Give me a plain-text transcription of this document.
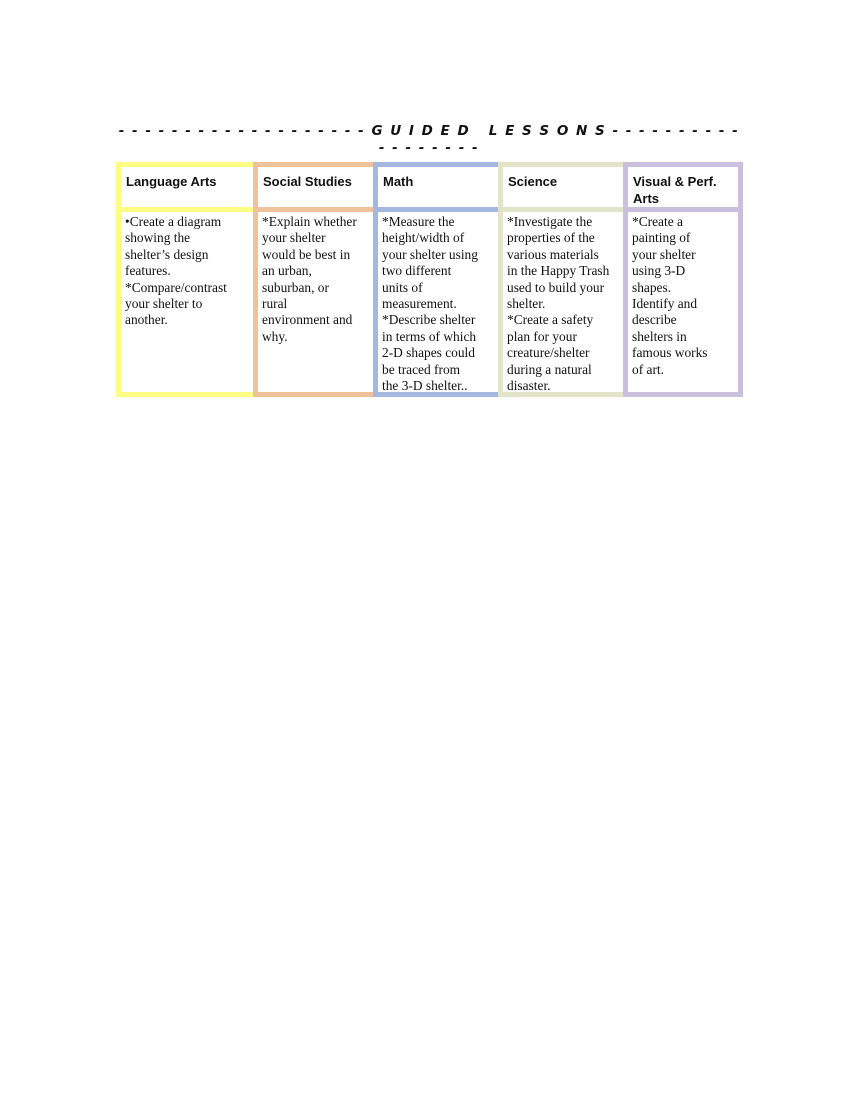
- - - - - - - - - - - - - - - - - - - G U I D E D   L E S S O N S - - - - - - - - - - - - - - - - - -
-
Language Arts
•Create a diagram
showing the
shelter’s design
features.
*Compare/contrast
your shelter to
another.
Social Studies
*Explain whether
your shelter
would be best in
an urban,
suburban, or
rural
environment and
why.
Math
*Measure the
height/width of
your shelter using
two different
units of
measurement.
*Describe shelter
in terms of which
2-D shapes could
be traced from
the 3-D shelter..
Science
*Investigate the
properties of the
various materials
in the Happy Trash
used to build your
shelter.
*Create a safety
plan for your
creature/shelter
during a natural
disaster.
Visual & Perf. Arts
*Create a
painting of
your shelter
using 3-D
shapes.
Identify and
describe
shelters in
famous works
of art.
